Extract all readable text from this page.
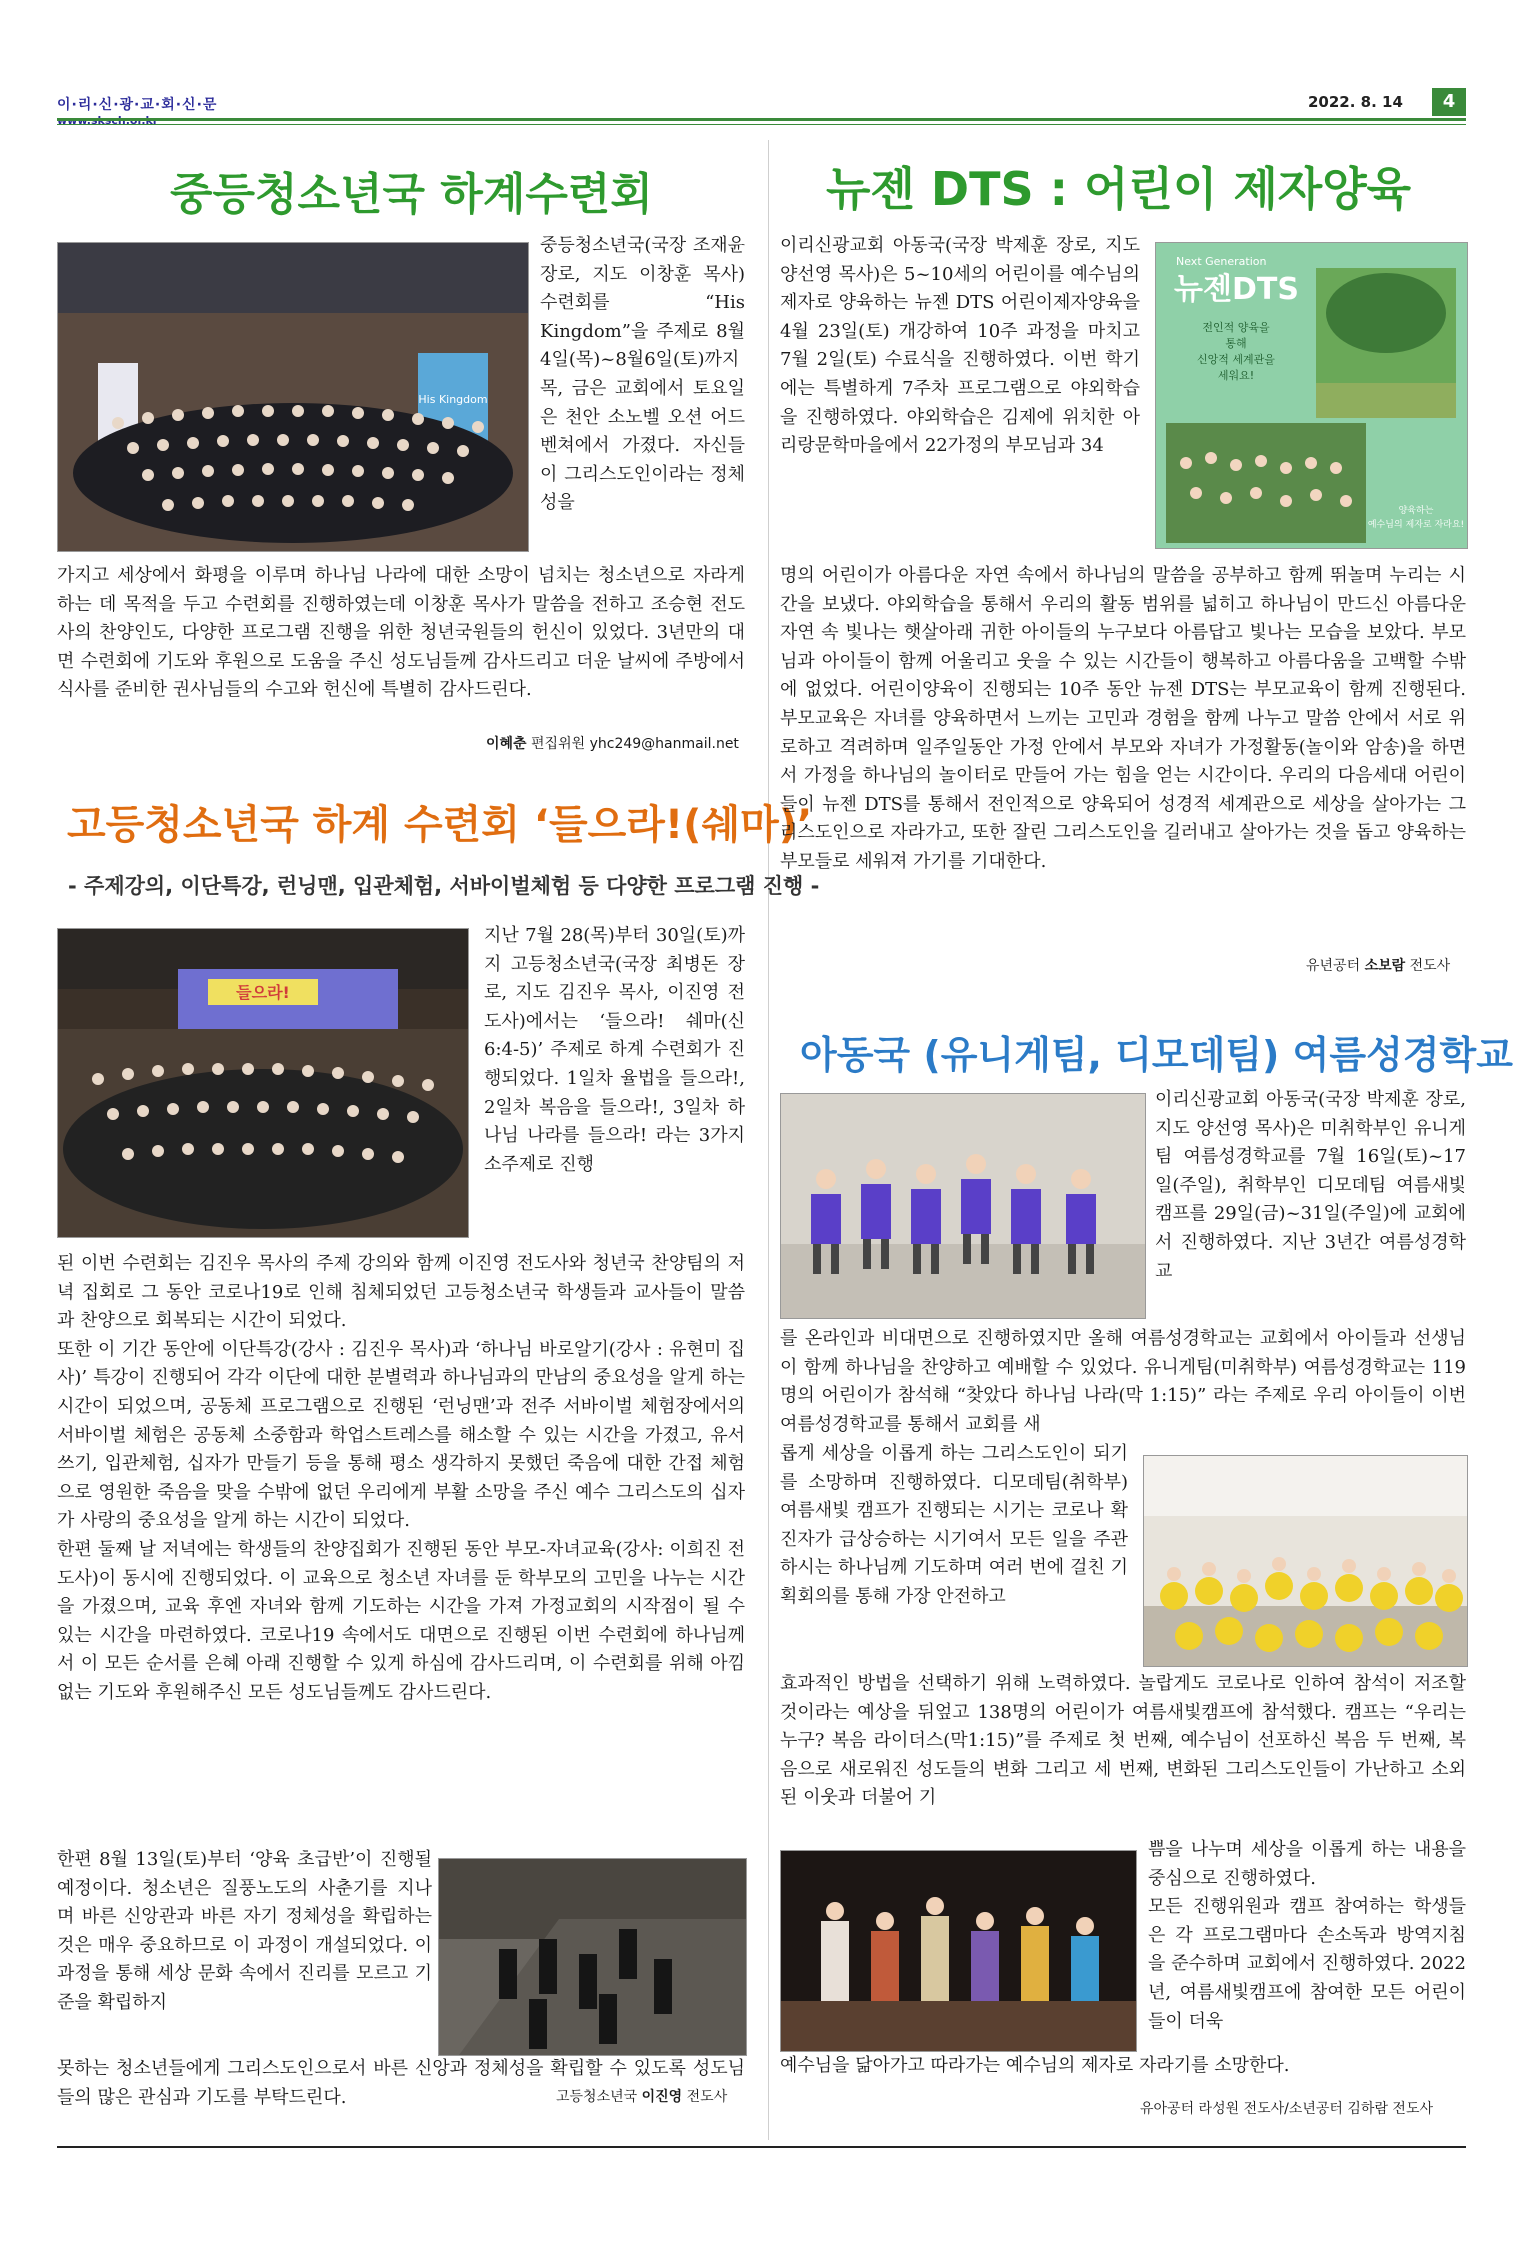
이·리·신·광·교·회·신·문	2022. 8. 14	4
중등청소년국 하계수련회
His Kingdom
중등청소년국(국장 조재윤 장로, 지도 이창훈 목사) 수련회를 “His Kingdom”을 주제로 8월4일(목)~8월6일(토)까지 목, 금은 교회에서 토요일은 천안 소노벨 오션 어드벤쳐에서 가졌다. 자신들이 그리스도인이라는 정체성을
가지고 세상에서 화평을 이루며 하나님 나라에 대한 소망이 넘치는 청소년으로 자라게 하는 데 목적을 두고 수련회를 진행하였는데 이창훈 목사가 말씀을 전하고 조승현 전도사의 찬양인도, 다양한 프로그램 진행을 위한 청년국원들의 헌신이 있었다. 3년만의 대면 수련회에 기도와 후원으로 도움을 주신 성도님들께 감사드리고 더운 날씨에 주방에서 식사를 준비한 권사님들의 수고와 헌신에 특별히 감사드린다.
이혜춘 편집위원 yhc249@hanmail.net
고등청소년국 하계 수련회 ‘들으라!(쉐마)’
- 주제강의, 이단특강, 런닝맨, 입관체험, 서바이벌체험 등 다양한 프로그램 진행 -
들으라!
지난 7월 28(목)부터 30일(토)까지 고등청소년국(국장 최병돈 장로, 지도 김진우 목사, 이진영 전도사)에서는 ‘들으라! 쉐마(신6:4-5)’ 주제로 하계 수련회가 진행되었다. 1일차 율법을 들으라!, 2일차 복음을 들으라!, 3일차 하나님 나라를 들으라! 라는 3가지 소주제로 진행
된 이번 수련회는 김진우 목사의 주제 강의와 함께 이진영 전도사와 청년국 찬양팀의 저녁 집회로 그 동안 코로나19로 인해 침체되었던 고등청소년국 학생들과 교사들이 말씀과 찬양으로 회복되는 시간이 되었다.
또한 이 기간 동안에 이단특강(강사 : 김진우 목사)과 ‘하나님 바로알기(강사 : 유현미 집사)’ 특강이 진행되어 각각 이단에 대한 분별력과 하나님과의 만남의 중요성을 알게 하는 시간이 되었으며, 공동체 프로그램으로 진행된 ‘런닝맨’과 전주 서바이벌 체험장에서의 서바이벌 체험은 공동체 소중함과 학업스트레스를 해소할 수 있는 시간을 가졌고, 유서쓰기, 입관체험, 십자가 만들기 등을 통해 평소 생각하지 못했던 죽음에 대한 간접 체험으로 영원한 죽음을 맞을 수밖에 없던 우리에게 부활 소망을 주신 예수 그리스도의 십자가 사랑의 중요성을 알게 하는 시간이 되었다.
한편 둘째 날 저녁에는 학생들의 찬양집회가 진행된 동안 부모-자녀교육(강사: 이희진 전도사)이 동시에 진행되었다. 이 교육으로 청소년 자녀를 둔 학부모의 고민을 나누는 시간을 가졌으며, 교육 후엔 자녀와 함께 기도하는 시간을 가져 가정교회의 시작점이 될 수 있는 시간을 마련하였다. 코로나19 속에서도 대면으로 진행된 이번 수련회에 하나님께서 이 모든 순서를 은혜 아래 진행할 수 있게 하심에 감사드리며, 이 수련회를 위해 아낌없는 기도와 후원해주신 모든 성도님들께도 감사드린다.
한편 8월 13일(토)부터 ‘양육 초급반’이 진행될 예정이다. 청소년은 질풍노도의 사춘기를 지나며 바른 신앙관과 바른 자기 정체성을 확립하는 것은 매우 중요하므로 이 과정이 개설되었다. 이 과정을 통해 세상 문화 속에서 진리를 모르고 기준을 확립하지
못하는 청소년들에게 그리스도인으로서 바른 신앙과 정체성을 확립할 수 있도록 성도님들의 많은 관심과 기도를 부탁드린다.	고등청소년국 이진영 전도사
뉴젠 DTS : 어린이 제자양육
이리신광교회 아동국(국장 박제훈 장로, 지도 양선영 목사)은 5~10세의 어린이를 예수님의 제자로 양육하는 뉴젠 DTS 어린이제자양육을 4월 23일(토) 개강하여 10주 과정을 마치고 7월 2일(토) 수료식을 진행하였다. 이번 학기에는 특별하게 7주차 프로그램으로 야외학습을 진행하였다. 야외학습은 김제에 위치한 아리랑문학마을에서 22가정의 부모님과 34
Next Generation
뉴젠DTS
전인적 양육을
통해
신앙적 세계관을
세워요!
양육하는
예수님의 제자로 자라요!
명의 어린이가 아름다운 자연 속에서 하나님의 말씀을 공부하고 함께 뛰놀며 누리는 시간을 보냈다. 야외학습을 통해서 우리의 활동 범위를 넓히고 하나님이 만드신 아름다운 자연 속 빛나는 햇살아래 귀한 아이들의 누구보다 아름답고 빛나는 모습을 보았다. 부모님과 아이들이 함께 어울리고 웃을 수 있는 시간들이 행복하고 아름다움을 고백할 수밖에 없었다. 어린이양육이 진행되는 10주 동안 뉴젠 DTS는 부모교육이 함께 진행된다. 부모교육은 자녀를 양육하면서 느끼는 고민과 경험을 함께 나누고 말씀 안에서 서로 위로하고 격려하며 일주일동안 가정 안에서 부모와 자녀가 가정활동(놀이와 암송)을 하면서 가정을 하나님의 놀이터로 만들어 가는 힘을 얻는 시간이다. 우리의 다음세대 어린이들이 뉴젠 DTS를 통해서 전인적으로 양육되어 성경적 세계관으로 세상을 살아가는 그리스도인으로 자라가고, 또한 잘린 그리스도인을 길러내고 살아가는 것을 돕고 양육하는 부모들로 세워져 가기를 기대한다.
유년공터 소보람 전도사
아동국 (유니게팀, 디모데팀) 여름성경학교
이리신광교회 아동국(국장 박제훈 장로, 지도 양선영 목사)은 미취학부인 유니게팀 여름성경학교를 7월 16일(토)~17일(주일), 취학부인 디모데팀 여름새빛 캠프를 29일(금)~31일(주일)에 교회에서 진행하였다. 지난 3년간 여름성경학교
를 온라인과 비대면으로 진행하였지만 올해 여름성경학교는 교회에서 아이들과 선생님이 함께 하나님을 찬양하고 예배할 수 있었다. 유니게팀(미취학부) 여름성경학교는 119명의 어린이가 참석해 “찾았다 하나님 나라(막 1:15)” 라는 주제로 우리 아이들이 이번 여름성경학교를 통해서 교회를 새
롭게 세상을 이롭게 하는 그리스도인이 되기를 소망하며 진행하였다. 디모데팀(취학부) 여름새빛 캠프가 진행되는 시기는 코로나 확진자가 급상승하는 시기여서 모든 일을 주관하시는 하나님께 기도하며 여러 번에 걸친 기획회의를 통해 가장 안전하고
효과적인 방법을 선택하기 위해 노력하였다. 놀랍게도 코로나로 인하여 참석이 저조할 것이라는 예상을 뒤엎고 138명의 어린이가 여름새빛캠프에 참석했다. 캠프는 “우리는 누구? 복음 라이더스(막1:15)”를 주제로 첫 번째, 예수님이 선포하신 복음 두 번째, 복음으로 새로워진 성도들의 변화 그리고 세 번째, 변화된 그리스도인들이 가난하고 소외된 이웃과 더불어 기
쁨을 나누며 세상을 이롭게 하는 내용을 중심으로 진행하였다.
모든 진행위원과 캠프 참여하는 학생들은 각 프로그램마다 손소독과 방역지침을 준수하며 교회에서 진행하였다. 2022년, 여름새빛캠프에 참여한 모든 어린이들이 더욱
예수님을 닮아가고 따라가는 예수님의 제자로 자라기를 소망한다.
유아공터 라성원 전도사/소년공터 김하람 전도사
